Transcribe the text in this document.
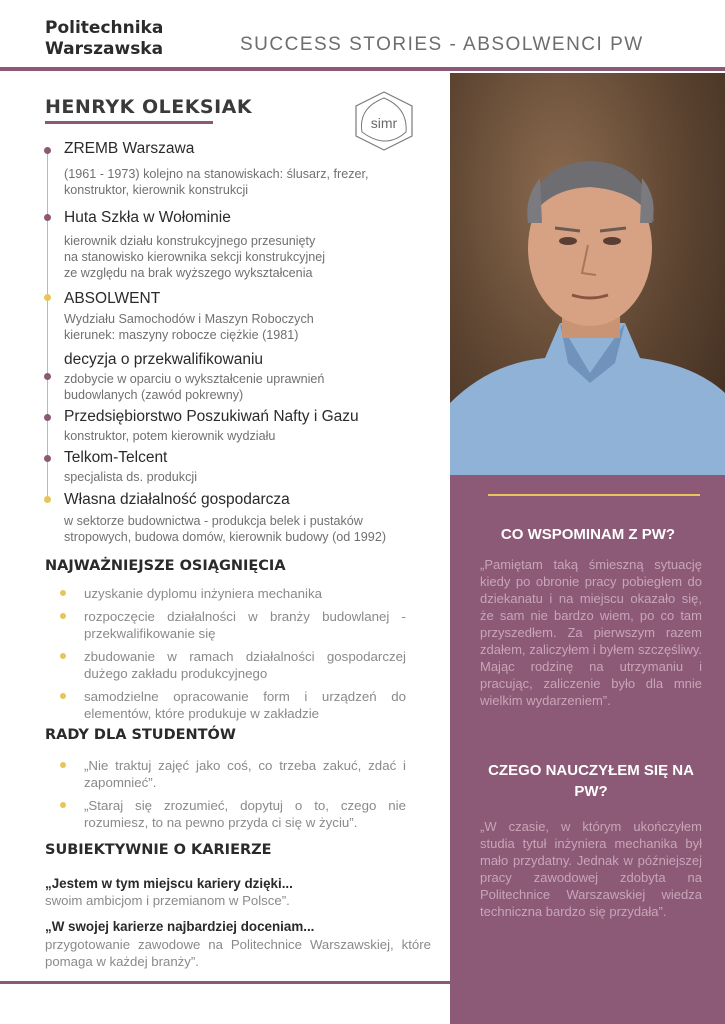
Politechnika
Warszawska	SUCCESS STORIES - ABSOLWENCI PW
CO WSPOMINAM Z PW?
„Pamiętam taką śmieszną sytuację kiedy po obronie pracy pobiegłem do dziekanatu i na miejscu okazało się, że sam nie bardzo wiem, po co tam przyszedłem. Za pierwszym razem zdałem, zaliczyłem i byłem szczęśliwy. Mając rodzinę na utrzymaniu i pracując, zaliczenie było dla mnie wielkim wydarzeniem”.
CZEGO NAUCZYŁEM SIĘ NA PW?
„W czasie, w którym ukończyłem studia tytuł inżyniera mechanika był mało przydatny. Jednak w późniejszej pracy zawodowej zdobyta na Politechnice Warszawskiej wiedza techniczna bardzo się przydała”.
HENRYK OLEKSIAK
simr
ZREMB Warszawa
(1961 - 1973) kolejno na stanowiskach: ślusarz, frezer,
konstruktor, kierownik konstrukcji
Huta Szkła w Wołominie
kierownik działu konstrukcyjnego przesunięty
na stanowisko kierownika sekcji konstrukcyjnej
ze względu na brak wyższego wykształcenia
ABSOLWENT
Wydziału Samochodów i Maszyn Roboczych
kierunek: maszyny robocze ciężkie (1981)
decyzja o przekwalifikowaniu
zdobycie w oparciu o wykształcenie uprawnień
budowlanych (zawód pokrewny)
Przedsiębiorstwo Poszukiwań Nafty i Gazu
konstruktor, potem kierownik wydziału
Telkom-Telcent
specjalista ds. produkcji
Własna działalność gospodarcza
w sektorze budownictwa - produkcja belek i pustaków
stropowych, budowa domów, kierownik budowy (od 1992)
NAJWAŻNIEJSZE OSIĄGNIĘCIA
uzyskanie dyplomu inżyniera mechanika
rozpoczęcie działalności w branży budowlanej - przekwalifikowanie się
zbudowanie w ramach działalności gospodarczej dużego zakładu produkcyjnego
samodzielne opracowanie form i urządzeń do elementów, które produkuje w zakładzie
RADY DLA STUDENTÓW
„Nie traktuj zajęć jako coś, co trzeba zakuć, zdać i zapomnieć”.
„Staraj się zrozumieć, dopytuj o to, czego nie rozumiesz, to na pewno przyda ci się w życiu”.
SUBIEKTYWNIE O KARIERZE
„Jestem w tym miejscu kariery dzięki...
swoim ambicjom i przemianom w Polsce”.
„W swojej karierze najbardziej doceniam...
przygotowanie zawodowe na Politechnice Warszawskiej, które pomaga w każdej branży”.
